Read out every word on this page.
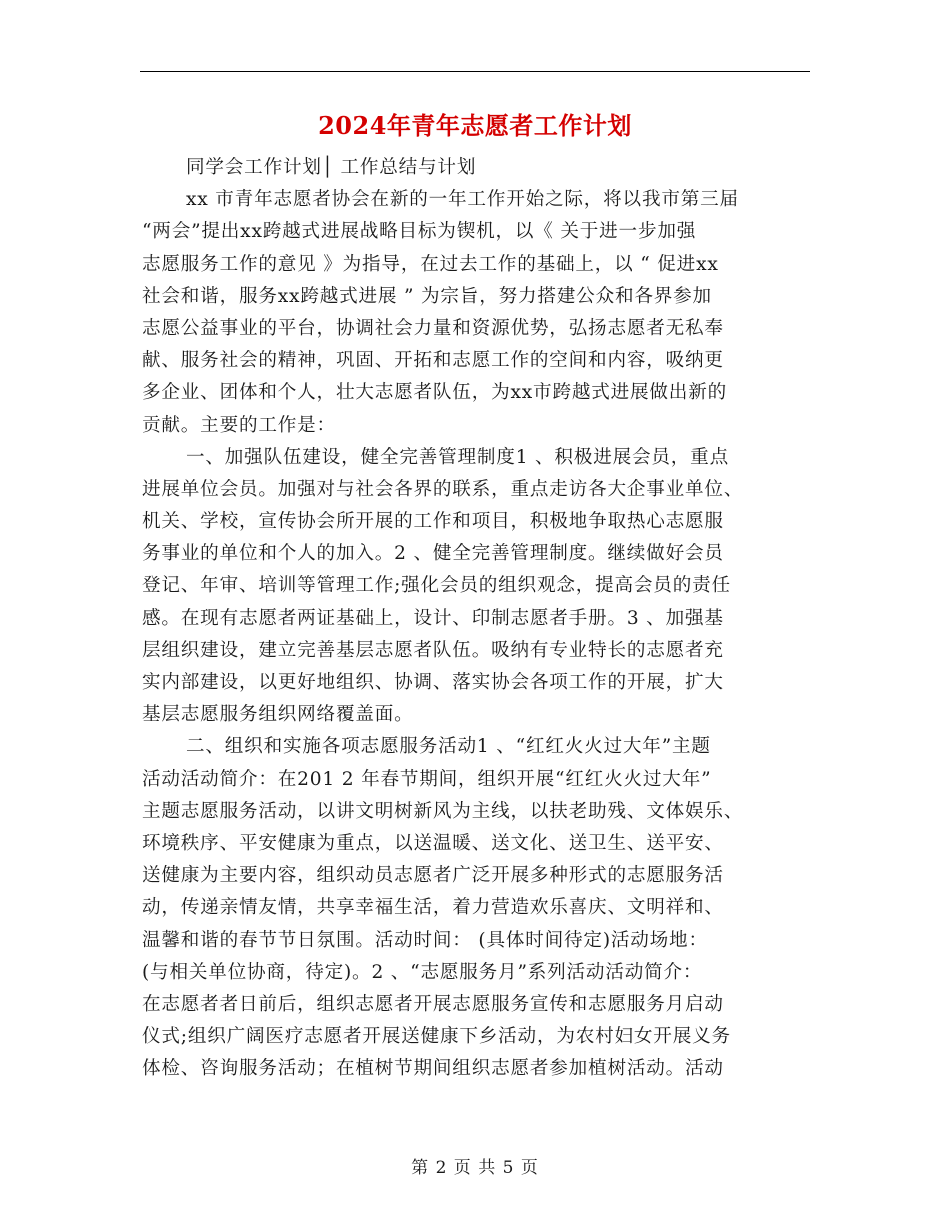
2024年青年志愿者工作计划
同学会工作计划│ 工作总结与计划
xx 市青年志愿者协会在新的一年工作开始之际，将以我市第三届
“两会”提出xx跨越式进展战略目标为锲机，以《 关于进一步加强
志愿服务工作的意见 》为指导，在过去工作的基础上，以 “ 促进xx
社会和谐，服务xx跨越式进展 ” 为宗旨，努力搭建公众和各界参加
志愿公益事业的平台，协调社会力量和资源优势，弘扬志愿者无私奉
献、服务社会的精神，巩固、开拓和志愿工作的空间和内容，吸纳更
多企业、团体和个人，壮大志愿者队伍，为xx市跨越式进展做出新的
贡献。主要的工作是：
一、加强队伍建设，健全完善管理制度1 、积极进展会员，重点
进展单位会员。加强对与社会各界的联系，重点走访各大企事业单位、
机关、学校，宣传协会所开展的工作和项目，积极地争取热心志愿服
务事业的单位和个人的加入。2 、健全完善管理制度。继续做好会员
登记、年审、培训等管理工作;强化会员的组织观念，提高会员的责任
感。在现有志愿者两证基础上，设计、印制志愿者手册。3 、加强基
层组织建设，建立完善基层志愿者队伍。吸纳有专业特长的志愿者充
实内部建设，以更好地组织、协调、落实协会各项工作的开展，扩大
基层志愿服务组织网络覆盖面。
二、组织和实施各项志愿服务活动1 、“红红火火过大年”主题
活动活动简介：在201 2 年春节期间，组织开展“红红火火过大年”
主题志愿服务活动，以讲文明树新风为主线，以扶老助残、文体娱乐、
环境秩序、平安健康为重点，以送温暖、送文化、送卫生、送平安、
送健康为主要内容，组织动员志愿者广泛开展多种形式的志愿服务活
动，传递亲情友情，共享幸福生活，着力营造欢乐喜庆、文明祥和、
温馨和谐的春节节日氛围。活动时间： (具体时间待定)活动场地：
(与相关单位协商，待定)。2 、“志愿服务月”系列活动活动简介：
在志愿者者日前后，组织志愿者开展志愿服务宣传和志愿服务月启动
仪式;组织广阔医疗志愿者开展送健康下乡活动，为农村妇女开展义务
体检、咨询服务活动；在植树节期间组织志愿者参加植树活动。活动
第 2 页 共 5 页
